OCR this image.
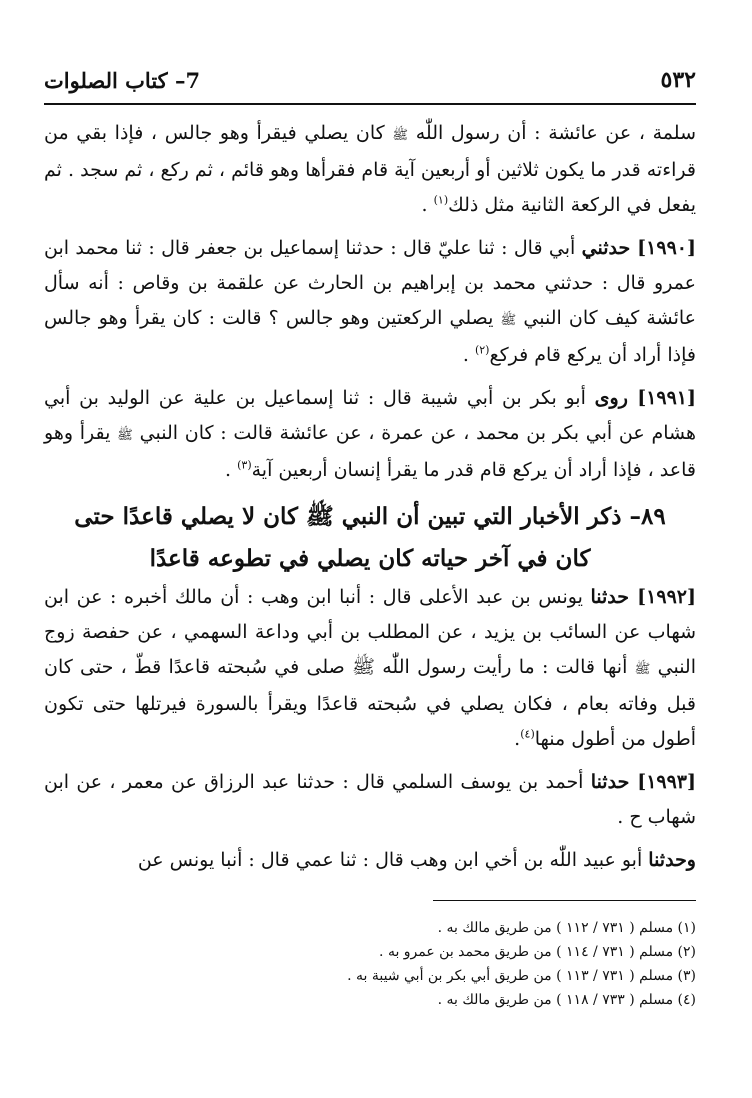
٥٣٢
7– كتاب الصلوات

سلمة ، عن عائشة : أن رسول اللّٰه ﷺ كان يصلي فيقرأ وهو جالس ، فإذا بقي من قراءته قدر ما يكون ثلاثين أو أربعين آية قام فقرأها وهو قائم ، ثم ركع ، ثم سجد . ثم يفعل في الركعة الثانية مثل ذلك$^{(١)}$ .

[١٩٩٠] حدثني أبي قال : ثنا عليّ قال : حدثنا إسماعيل بن جعفر قال : ثنا محمد ابن عمرو قال : حدثني محمد بن إبراهيم بن الحارث عن علقمة بن وقاص : أنه سأل عائشة كيف كان النبي ﷺ يصلي الركعتين وهو جالس ؟ قالت : كان يقرأ وهو جالس فإذا أراد أن يركع قام فركع$^{(٢)}$ .

[١٩٩١] روى أبو بكر بن أبي شيبة قال : ثنا إسماعيل بن علية عن الوليد بن أبي هشام عن أبي بكر بن محمد ، عن عمرة ، عن عائشة قالت : كان النبي ﷺ يقرأ وهو قاعد ، فإذا أراد أن يركع قام قدر ما يقرأ إنسان أربعين آية$^{(٣)}$ .

٨٩– ذكر الأخبار التي تبين أن النبي ﷺ كان لا يصلي قاعدًا حتى
كان في آخر حياته كان يصلي في تطوعه قاعدًا

[١٩٩٢] حدثنا يونس بن عبد الأعلى قال : أنبا ابن وهب : أن مالك أخبره : عن ابن شهاب عن السائب بن يزيد ، عن المطلب بن أبي وداعة السهمي ، عن حفصة زوج النبي ﷺ أنها قالت : ما رأيت رسول اللّٰه ﷺ صلى في سُبحته قاعدًا قطّ ، حتى كان قبل وفاته بعام ، فكان يصلي في سُبحته قاعدًا ويقرأ بالسورة فيرتلها حتى تكون أطول من أطول منها$^{(٤)}$.

[١٩٩٣] حدثنا أحمد بن يوسف السلمي قال : حدثنا عبد الرزاق عن معمر ، عن ابن شهاب ح .

وحدثنا أبو عبيد اللّٰه بن أخي ابن وهب قال : ثنا عمي قال : أنبا يونس عن

(١) مسلم ( ٧٣١ / ١١٢ ) من طريق مالك به .

(٢) مسلم ( ٧٣١ / ١١٤ ) من طريق محمد بن عمرو به .

(٣) مسلم ( ٧٣١ / ١١٣ ) من طريق أبي بكر بن أبي شيبة به .

(٤) مسلم ( ٧٣٣ / ١١٨ ) من طريق مالك به .
